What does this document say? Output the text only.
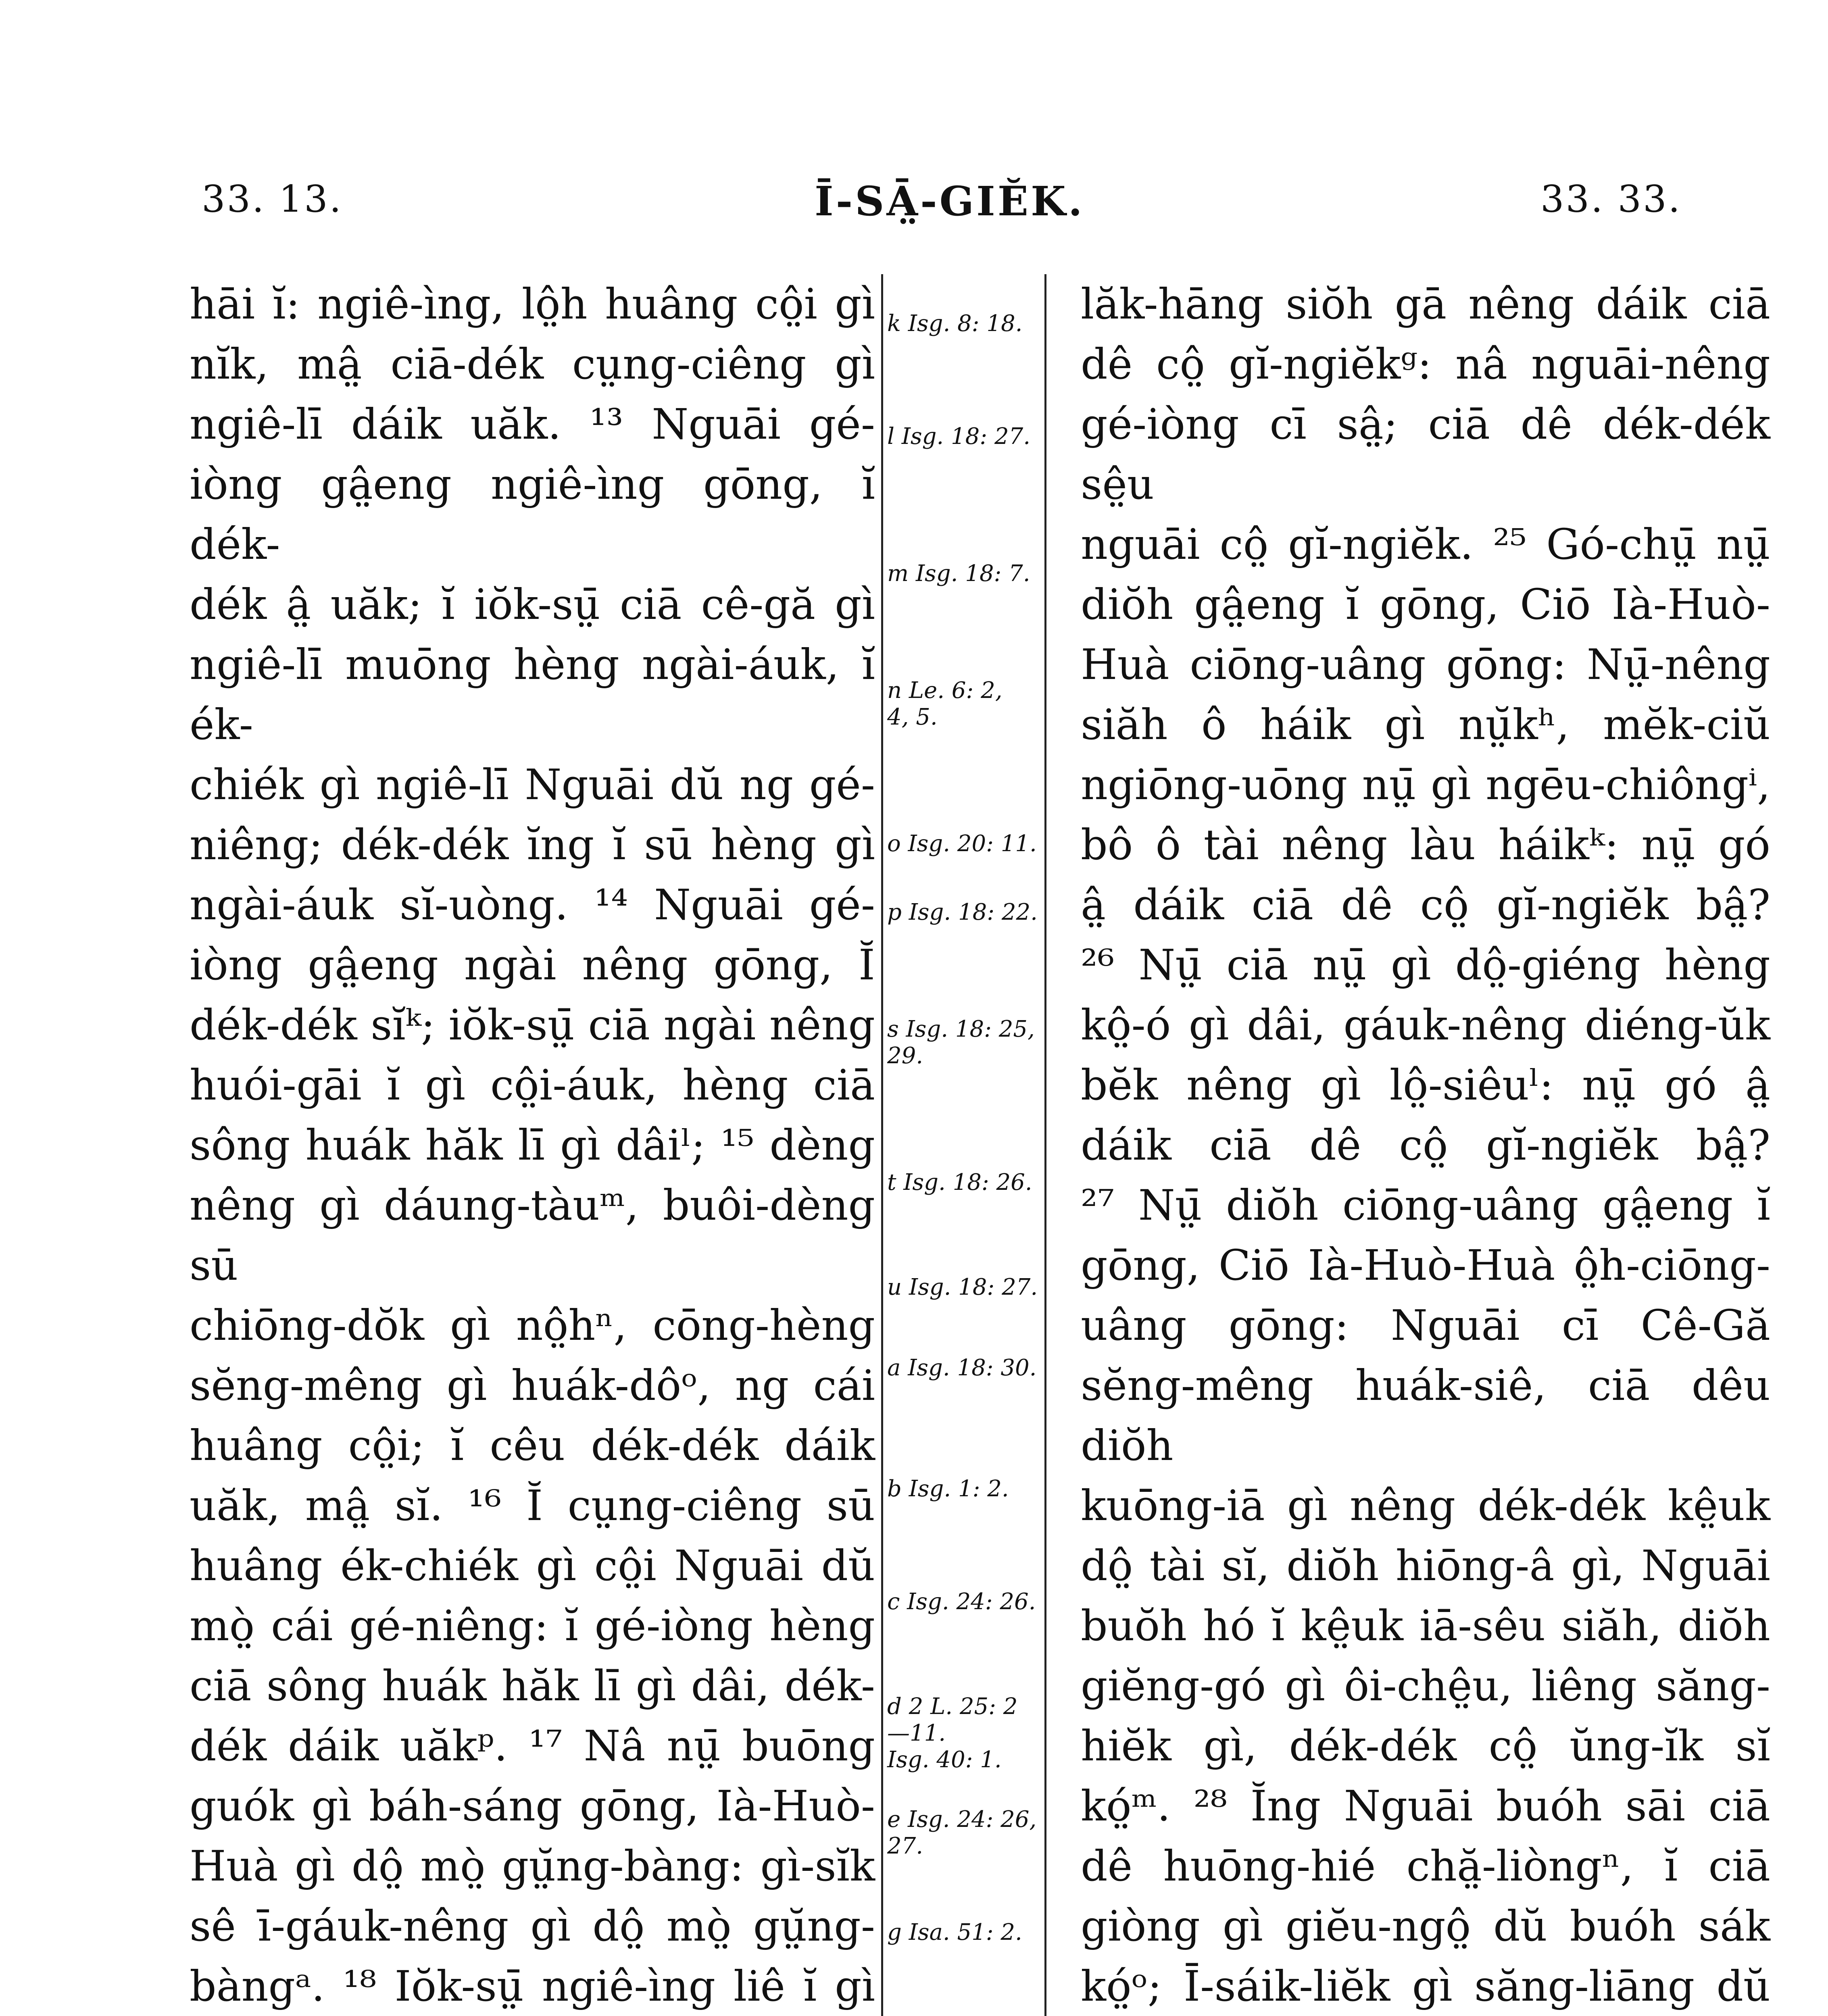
33. 13.	Ī-SĀ̤-GIĔK.	33. 33.

hāi ĭ: ngiê-ìng, lô̤h huâng cô̤i gì

nĭk, mâ̤ ciā-dék cṳng-ciêng gì

ngiê-lī dáik uăk. ¹³ Nguāi gé-

iòng gâ̤eng ngiê-ìng gōng, ĭ dék-

dék â̤ uăk; ĭ iŏk-sṳ̄ ciā cê-gă gì

ngiê-lī muōng hèng ngài-áuk, ĭ ék-

chiék gì ngiê-lī Nguāi dŭ ng gé-

niêng; dék-dék ĭng ĭ sū hèng gì

ngài-áuk sĭ-uòng. ¹⁴ Nguāi gé-

iòng gâ̤eng ngài nêng gōng, Ĭ

dék-dék sĭᵏ; iŏk-sṳ̄ ciā ngài nêng

huói-gāi ĭ gì cô̤i-áuk, hèng ciā

sông huák hăk lī gì dâiˡ; ¹⁵ dèng

nêng gì dáung-tàuᵐ, buôi-dèng sū

chiōng-dŏk gì nô̤hⁿ, cōng-hèng

sĕng-mêng gì huák-dôᵒ, ng cái

huâng cô̤i; ĭ cêu dék-dék dáik

uăk, mâ̤ sĭ. ¹⁶ Ĭ cṳng-ciêng sū

huâng ék-chiék gì cô̤i Nguāi dŭ

mò̤ cái gé-niêng: ĭ gé-iòng hèng

ciā sông huák hăk lī gì dâi, dék-

dék dáik uăkᵖ. ¹⁷ Nâ nṳ̄ buōng

guók gì báh-sáng gōng, Ià-Huò-

Huà gì dô̤ mò̤ gṳ̆ng-bàng: gì-sĭk

sê ī-gáuk-nêng gì dô̤ mò̤ gṳ̆ng-

bàngᵃ. ¹⁸ Iŏk-sṳ̄ ngiê-ìng liê ĭ gì

k Isg. 8: 18.
l Isg. 18: 27.
m Isg. 18: 7.
n Le. 6: 2,
4, 5.
o Isg. 20: 11.
p Isg. 18: 22.
s Isg. 18: 25,
29.
t Isg. 18: 26.
u Isg. 18: 27.
a Isg. 18: 30.
b Isg. 1: 2.
c Isg. 24: 26.
d 2 L. 25: 2
—11.
Isg. 40: 1.
e Isg. 24: 26,
27.
g Isa. 51: 2.

lăk-hāng siŏh gā nêng dáik ciā

dê cô̤ gĭ-ngiĕkᵍ: nâ nguāi-nêng

gé-iòng cī sâ̤; ciā dê dék-dék sê̤u

nguāi cô̤ gĭ-ngiĕk. ²⁵ Gó-chṳ̄ nṳ̄

diŏh gâ̤eng ĭ gōng, Ciō Ià-Huò-

Huà ciōng-uâng gōng: Nṳ̄-nêng

siăh ô háik gì nṳ̆kʰ, mĕk-ciŭ

ngiōng-uōng nṳ̄ gì ngēu-chiôngⁱ,

bô ô tài nêng làu háikᵏ: nṳ̄ gó

â̤ dáik ciā dê cô̤ gĭ-ngiĕk bâ̤?

²⁶ Nṳ̄ ciā nṳ̄ gì dô̤-giéng hèng

kô̤-ó gì dâi, gáuk-nêng diéng-ŭk

bĕk nêng gì lô̤-siêuˡ: nṳ̄ gó â̤

dáik ciā dê cô̤ gĭ-ngiĕk bâ̤?

²⁷ Nṳ̄ diŏh ciōng-uâng gâ̤eng ĭ

gōng, Ciō Ià-Huò-Huà ô̤h-ciōng-

uâng gōng: Nguāi cī Cê-Gă

sĕng-mêng huák-siê, ciā dêu diŏh

kuōng-iā gì nêng dék-dék kê̤uk

dô̤ tài sĭ, diŏh hiōng-â gì, Nguāi

buŏh hó ĭ kê̤uk iā-sêu siăh, diŏh

giĕng-gó gì ôi-chê̤u, liêng săng-

hiĕk gì, dék-dék cô̤ ŭng-ĭk sĭ

kó̤ᵐ. ²⁸ Ĭng Nguāi buóh sāi ciā

dê huōng-hié chă̤-liòngⁿ, ĭ ciā

giòng gì giĕu-ngô̤ dŭ buóh sák

kó̤ᵒ; Ī-sáik-liĕk gì săng-liāng dŭ
